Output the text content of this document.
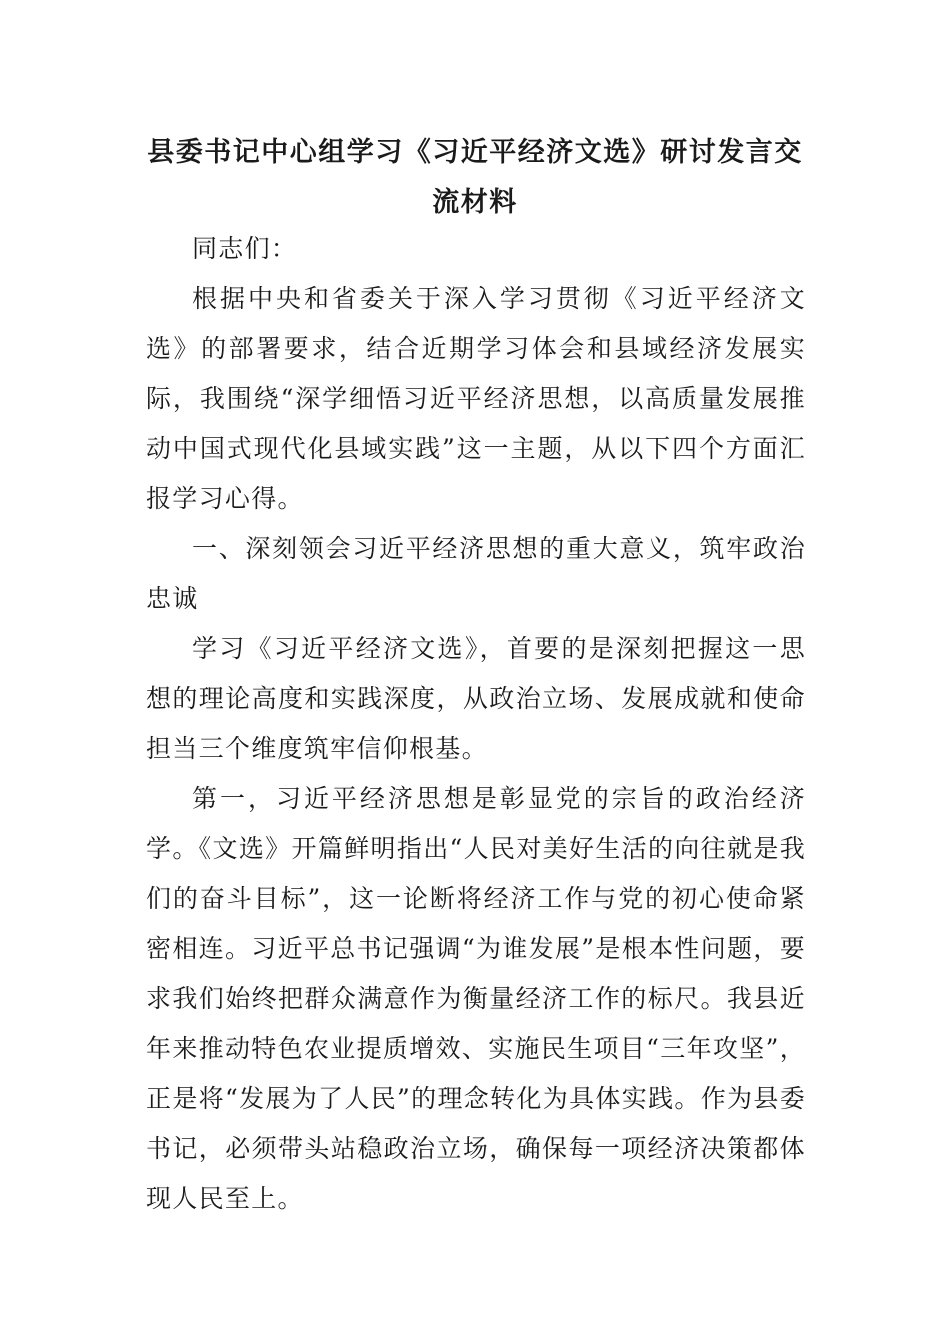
县委书记中心组学习《习近平经济文选》研讨发言交流材料

同志们：

根据中央和省委关于深入学习贯彻《习近平经济文选》的部署要求，结合近期学习体会和县域经济发展实际，我围绕“深学细悟习近平经济思想，以高质量发展推动中国式现代化县域实践”这一主题，从以下四个方面汇报学习心得。

一、深刻领会习近平经济思想的重大意义，筑牢政治忠诚

学习《习近平经济文选》，首要的是深刻把握这一思想的理论高度和实践深度，从政治立场、发展成就和使命担当三个维度筑牢信仰根基。

第一，习近平经济思想是彰显党的宗旨的政治经济学。《文选》开篇鲜明指出“人民对美好生活的向往就是我们的奋斗目标”，这一论断将经济工作与党的初心使命紧密相连。习近平总书记强调“为谁发展”是根本性问题，要求我们始终把群众满意作为衡量经济工作的标尺。我县近年来推动特色农业提质增效、实施民生项目“三年攻坚”，正是将“发展为了人民”的理念转化为具体实践。作为县委书记，必须带头站稳政治立场，确保每一项经济决策都体现人民至上。
